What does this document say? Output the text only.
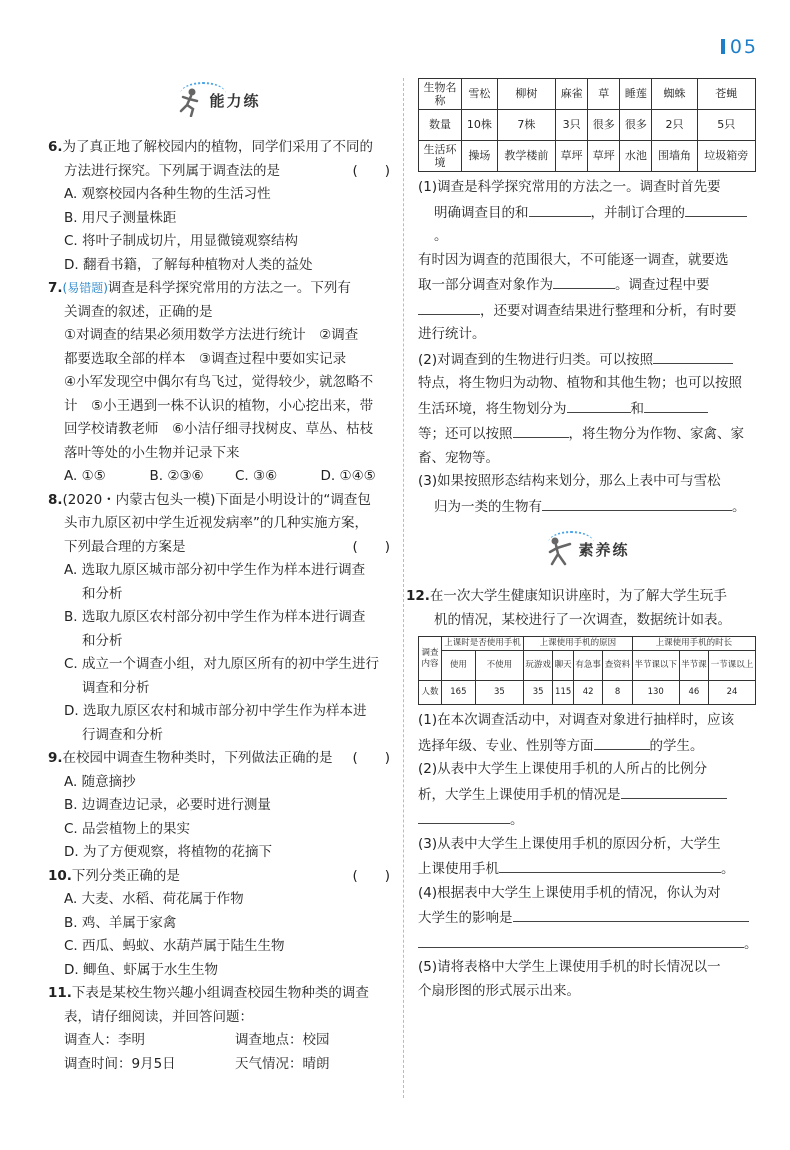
05
能力练
6.为了真正地了解校园内的植物，同学们采用了不同的
方法进行探究。下列属于调查法的是	(　　)
A. 观察校园内各种生物的生活习性
B. 用尺子测量株距
C. 将叶子制成切片，用显微镜观察结构
D. 翻看书籍，了解每种植物对人类的益处
7.(易错题)调查是科学探究常用的方法之一。下列有
关调查的叙述，正确的是
①对调查的结果必须用数学方法进行统计　②调查
都要选取全部的样本　③调查过程中要如实记录
④小军发现空中偶尔有鸟飞过，觉得较少，就忽略不
计　⑤小王遇到一株不认识的植物，小心挖出来，带
回学校请教老师　⑥小洁仔细寻找树皮、草丛、枯枝
落叶等处的小生物并记录下来
A. ①⑤	B. ②③⑥	C. ③⑥	D. ①④⑤
8.(2020・内蒙古包头一模)下面是小明设计的“调查包
头市九原区初中学生近视发病率”的几种实施方案，
下列最合理的方案是	(　　)
A. 选取九原区城市部分初中学生作为样本进行调查
和分析
B. 选取九原区农村部分初中学生作为样本进行调查
和分析
C. 成立一个调查小组，对九原区所有的初中学生进行
调查和分析
D. 选取九原区农村和城市部分初中学生作为样本进
行调查和分析
9.在校园中调查生物种类时，下列做法正确的是 (　　)
A. 随意摘抄
B. 边调查边记录，必要时进行测量
C. 品尝植物上的果实
D. 为了方便观察，将植物的花摘下
10.下列分类正确的是	(　　)
A. 大麦、水稻、荷花属于作物
B. 鸡、羊属于家禽
C. 西瓜、蚂蚁、水葫芦属于陆生生物
D. 鲫鱼、虾属于水生生物
11.下表是某校生物兴趣小组调查校园生物种类的调查
表，请仔细阅读，并回答问题：
调查人：李明	调查地点：校园
调查时间：9月5日	天气情况：晴朗
生物名称	雪松	柳树	麻雀	草	睡莲	蜘蛛	苍蝇
数量	10株	7株	3只	很多	很多	2只	5只
生活环境	操场	教学楼前	草坪	草坪	水池	围墙角	垃圾箱旁
(1)调查是科学探究常用的方法之一。调查时首先要
明确调查目的和	，并制订合理的。
有时因为调查的范围很大，不可能逐一调查，就要选
取一部分调查对象作为	。调查过程中要
，还要对调查结果进行整理和分析，有时要
进行统计。
(2)对调查到的生物进行归类。可以按照
特点，将生物归为动物、植物和其他生物；也可以按照
生活环境，将生物划分为	和
等；还可以按照	，将生物分为作物、家禽、家
畜、宠物等。
(3)如果按照形态结构来划分，那么上表中可与雪松
归为一类的生物有	。
素养练
12.在一次大学生健康知识讲座时，为了解大学生玩手
机的情况，某校进行了一次调查，数据统计如表。
调查内容	上课时是否使用手机		上课使用手机的原因				上课使用手机的时长		
	使用	不使用	玩游戏	聊天	有急事	查资料	半节课以下	半节课	一节课以上
人数	165	35	35	115	42	8	130	46	24
(1)在本次调查活动中，对调查对象进行抽样时，应该
选择年级、专业、性别等方面	的学生。
(2)从表中大学生上课使用手机的人所占的比例分
析，大学生上课使用手机的情况是
。
(3)从表中大学生上课使用手机的原因分析，大学生
上课使用手机	。
(4)根据表中大学生上课使用手机的情况，你认为对
大学生的影响是
。
(5)请将表格中大学生上课使用手机的时长情况以一
个扇形图的形式展示出来。
